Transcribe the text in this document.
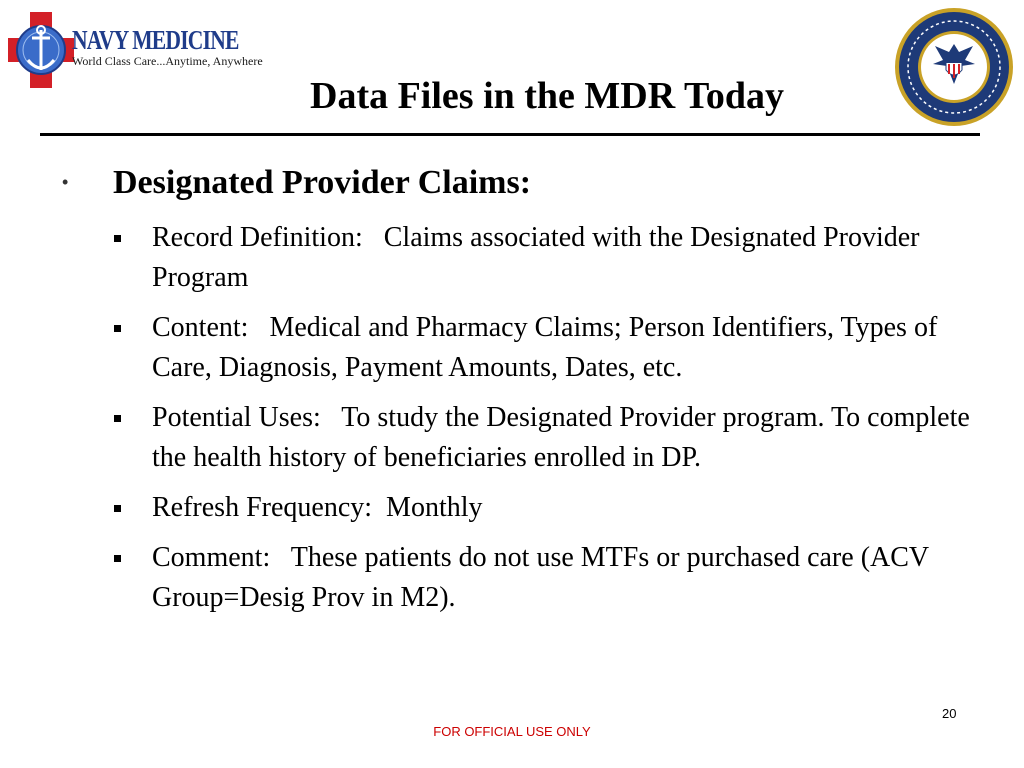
NAVY MEDICINE
World Class Care...Anytime, Anywhere
Data Files in the MDR Today
• Designated Provider Claims:
Record Definition: Claims associated with the Designated Provider Program
Content: Medical and Pharmacy Claims; Person Identifiers, Types of Care, Diagnosis, Payment Amounts, Dates, etc.
Potential Uses: To study the Designated Provider program. To complete the health history of beneficiaries enrolled in DP.
Refresh Frequency: Monthly
Comment: These patients do not use MTFs or purchased care (ACV Group=Desig Prov in M2).
20
FOR OFFICIAL USE ONLY
